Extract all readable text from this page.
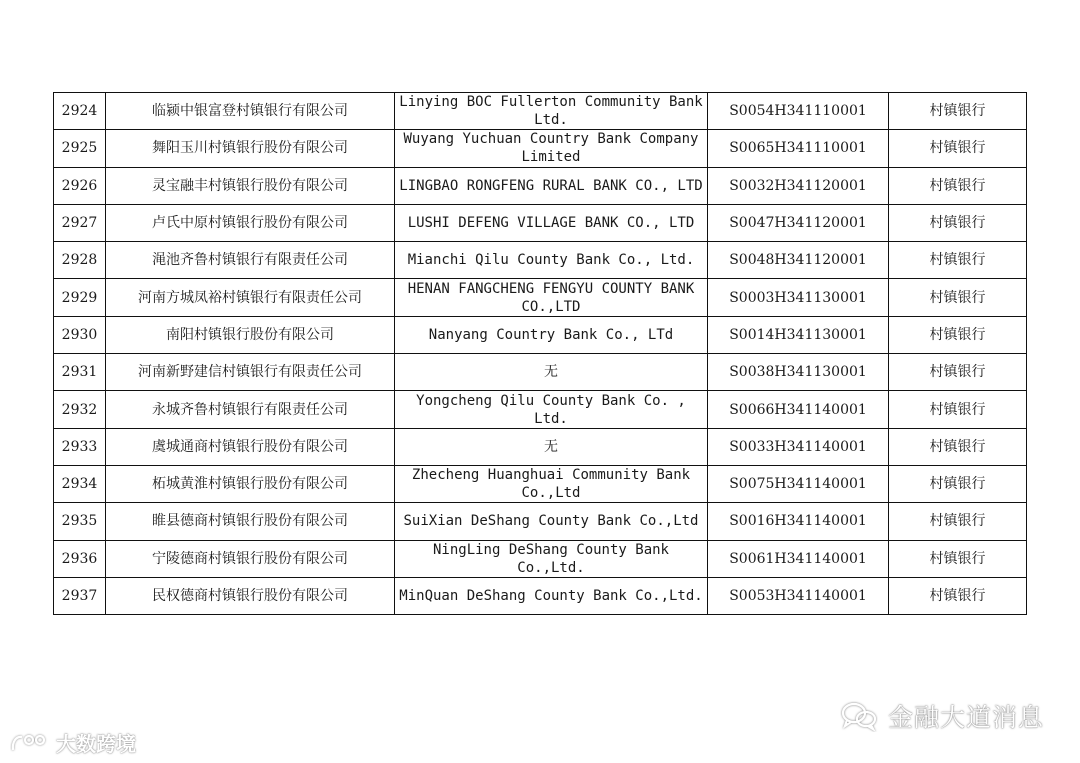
2924	临颍中银富登村镇银行有限公司	Linying BOC Fullerton Community Bank Ltd.	S0054H341110001	村镇银行
2925	舞阳玉川村镇银行股份有限公司	Wuyang Yuchuan Country Bank Company Limited	S0065H341110001	村镇银行
2926	灵宝融丰村镇银行股份有限公司	LINGBAO RONGFENG RURAL BANK CO., LTD	S0032H341120001	村镇银行
2927	卢氏中原村镇银行股份有限公司	LUSHI DEFENG VILLAGE BANK CO., LTD	S0047H341120001	村镇银行
2928	渑池齐鲁村镇银行有限责任公司	Mianchi Qilu County Bank Co., Ltd.	S0048H341120001	村镇银行
2929	河南方城凤裕村镇银行有限责任公司	HENAN FANGCHENG FENGYU COUNTY BANK CO.,LTD	S0003H341130001	村镇银行
2930	南阳村镇银行股份有限公司	Nanyang Country Bank Co., LTd	S0014H341130001	村镇银行
2931	河南新野建信村镇银行有限责任公司	无	S0038H341130001	村镇银行
2932	永城齐鲁村镇银行有限责任公司	Yongcheng Qilu County Bank Co. , Ltd.	S0066H341140001	村镇银行
2933	虞城通商村镇银行股份有限公司	无	S0033H341140001	村镇银行
2934	柘城黄淮村镇银行股份有限公司	Zhecheng Huanghuai Community Bank Co.,Ltd	S0075H341140001	村镇银行
2935	睢县德商村镇银行股份有限公司	SuiXian DeShang County Bank Co.,Ltd	S0016H341140001	村镇银行
2936	宁陵德商村镇银行股份有限公司	NingLing DeShang County Bank Co.,Ltd.	S0061H341140001	村镇银行
2937	民权德商村镇银行股份有限公司	MinQuan DeShang County Bank Co.,Ltd.	S0053H341140001	村镇银行
大数跨境
金融大道消息
